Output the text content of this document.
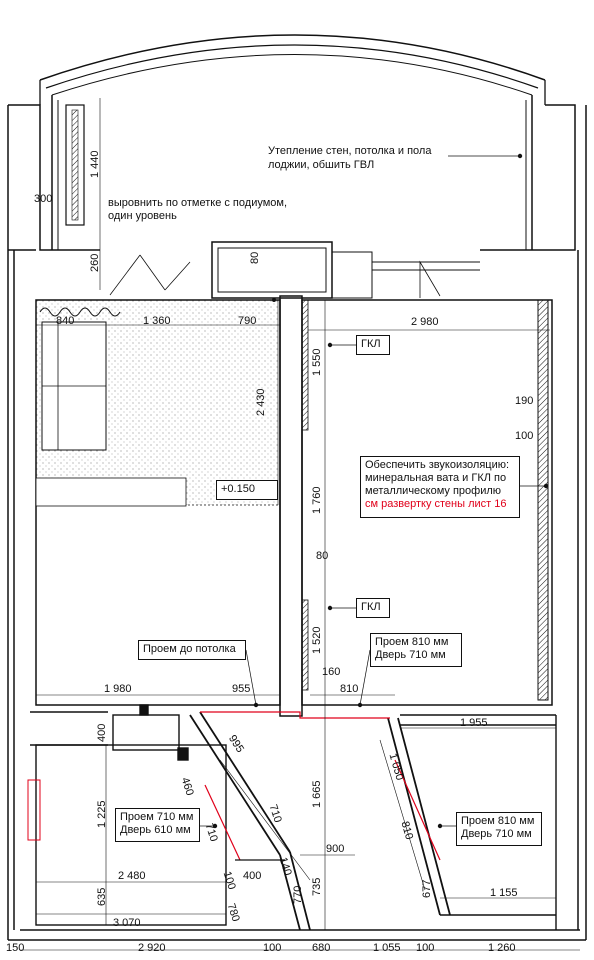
Утепление стен, потолка и пола
лоджии, обшить ГВЛ
выровнить по отметке с подиумом,
один уровень
+0.150
ГКЛ
ГКЛ
Обеспечить звукоизоляцию:
минеральная вата и ГКЛ по
металлическому профилю
см развертку стены лист 16
Проем до потолка
Проем 810 мм
Дверь 710 мм
Проем 710 мм
Дверь 610 мм
Проем 810 мм
Дверь 710 мм
300
840	1 360	790	2 980
190
100
80
160
1 980	955	810
1 955
900
400
2 480
1 155
3 070
150	2 920	100	680	1 055 100	1 260
1 440
260	80
2 430
1 550
1 760
1 520
400
1 225
635
1 665
770 735	677
995
460
710
710
140
100
780
1 050
810
